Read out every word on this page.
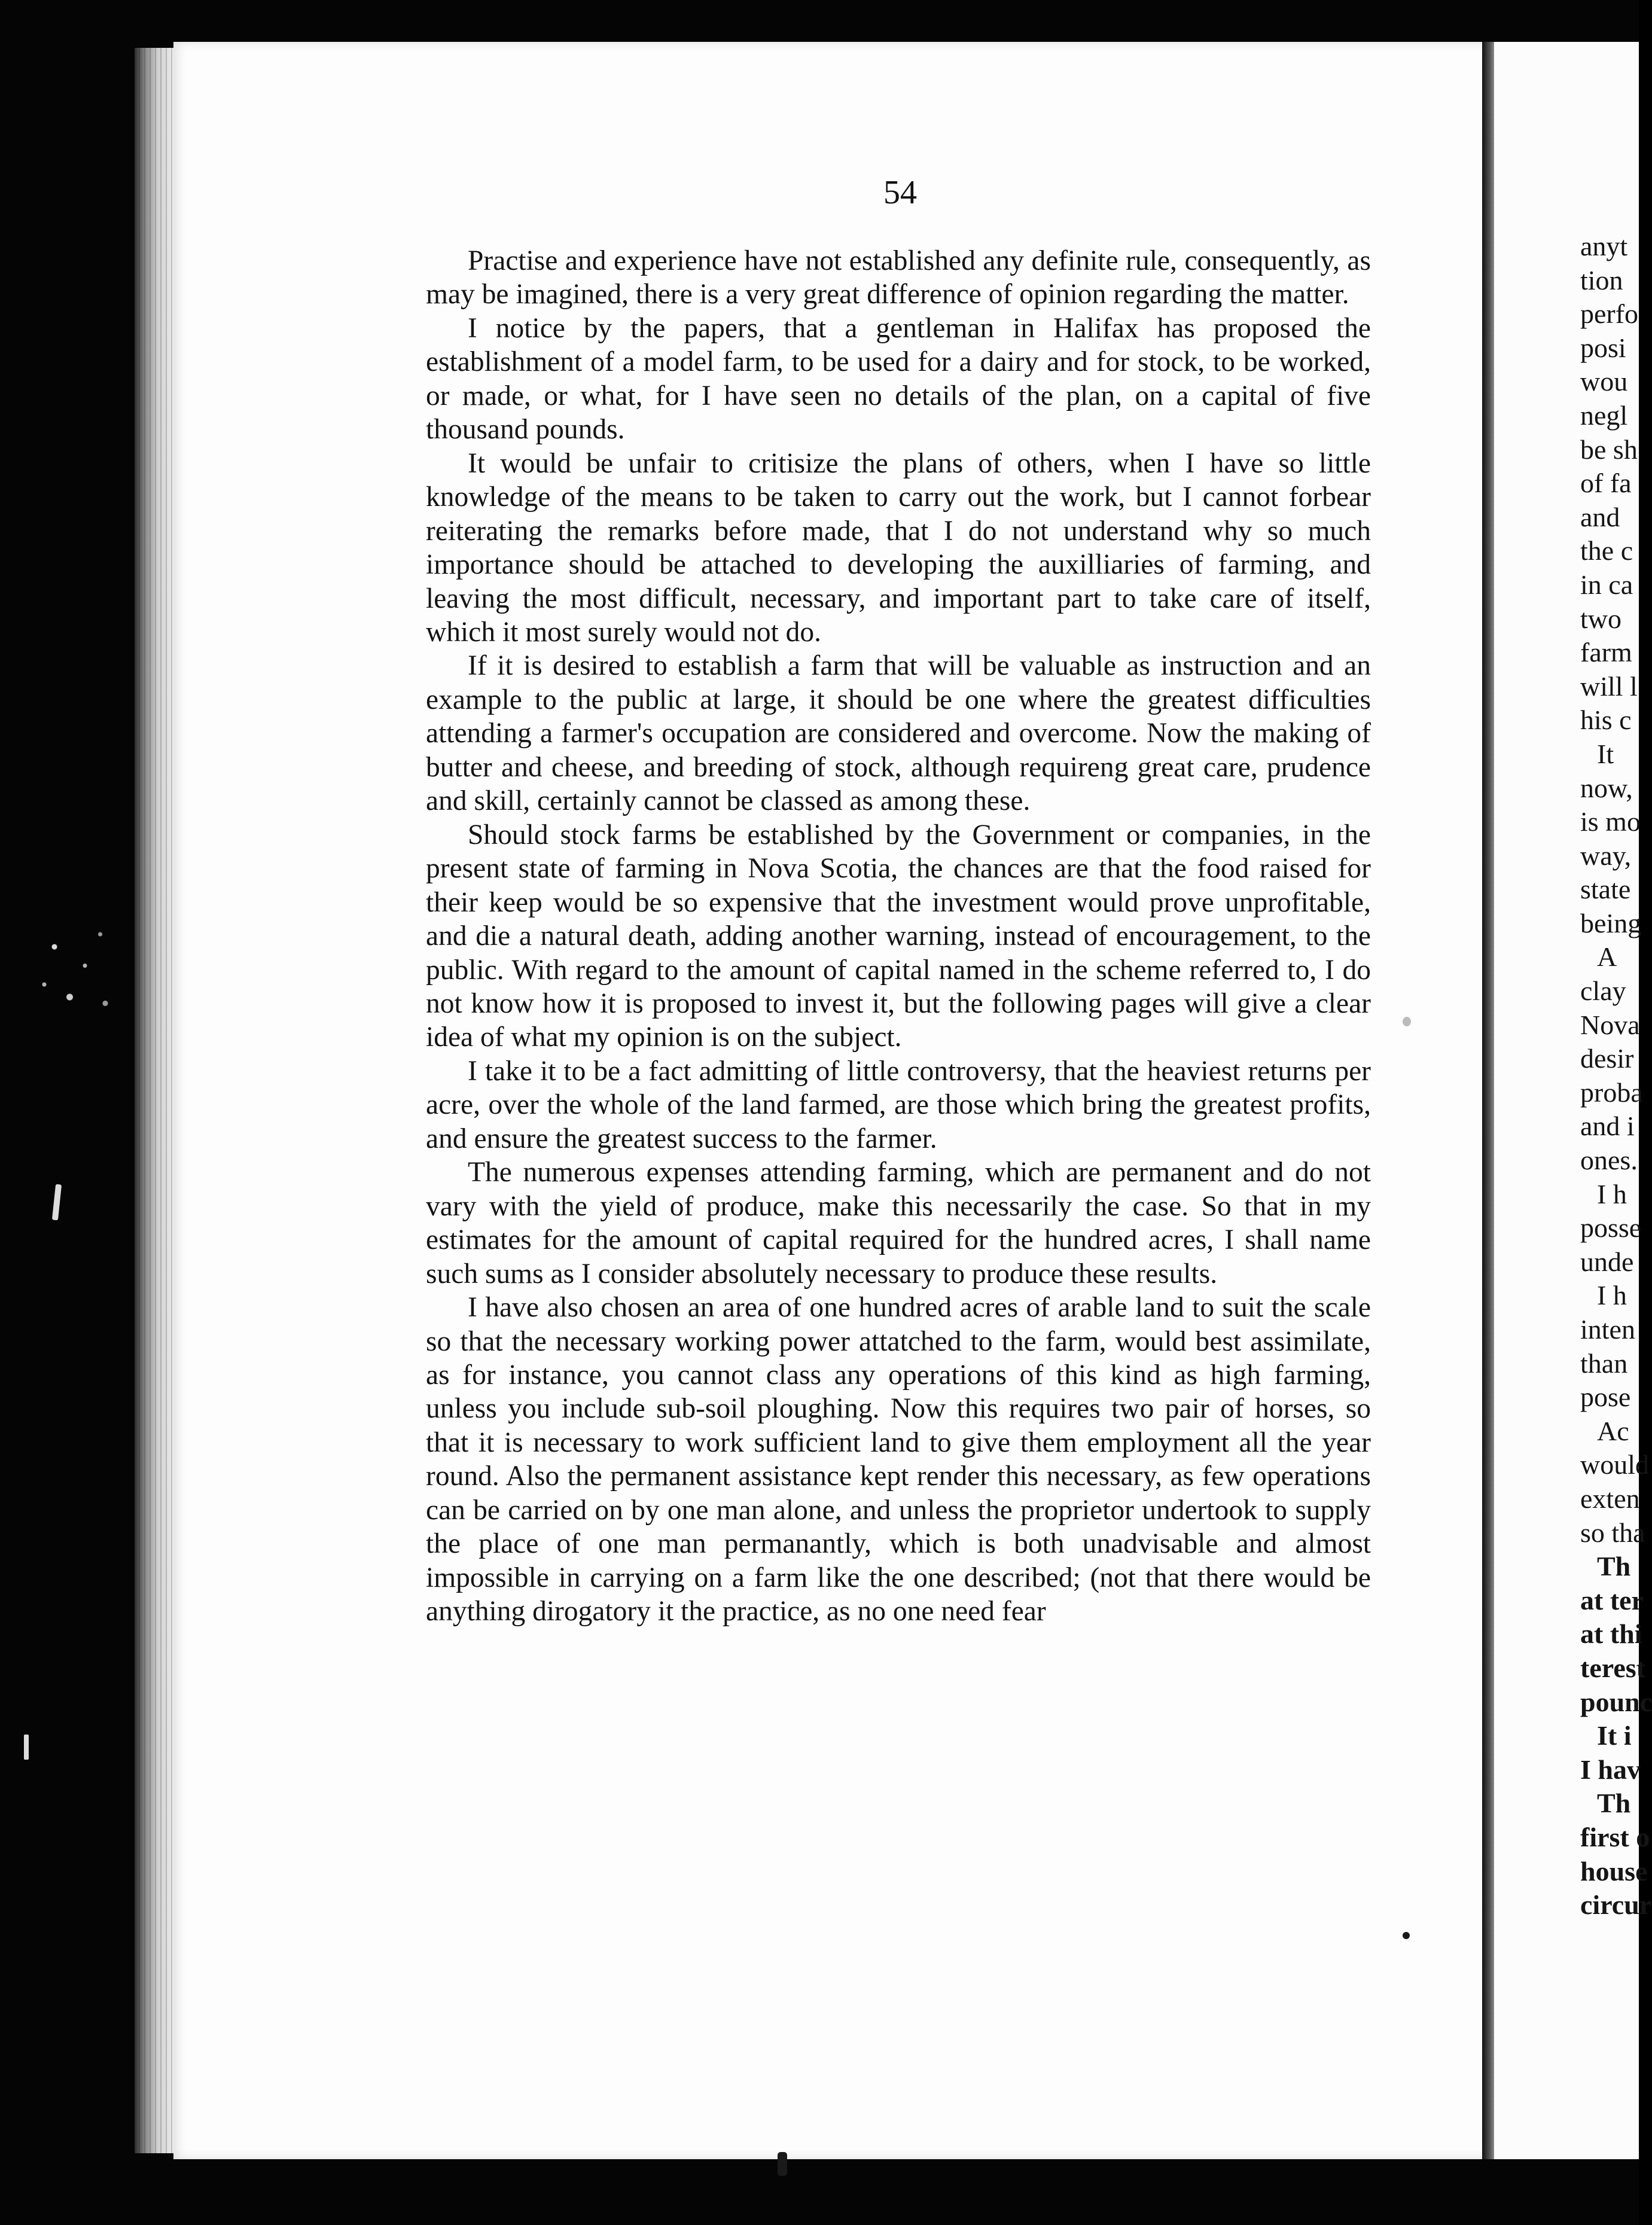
54

Practise and experience have not established any definite rule, consequently, as may be imagined, there is a very great difference of opinion regarding the matter.

I notice by the papers, that a gentleman in Halifax has proposed the establishment of a model farm, to be used for a dairy and for stock, to be worked, or made, or what, for I have seen no details of the plan, on a capital of five thousand pounds.

It would be unfair to critisize the plans of others, when I have so little knowledge of the means to be taken to carry out the work, but I cannot forbear reiterating the remarks before made, that I do not understand why so much importance should be attached to developing the auxilliaries of farming, and leaving the most difficult, necessary, and important part to take care of itself, which it most surely would not do.

If it is desired to establish a farm that will be valuable as instruction and an example to the public at large, it should be one where the greatest difficulties attending a farmer's occupation are considered and overcome. Now the making of butter and cheese, and breeding of stock, although requireng great care, prudence and skill, certainly cannot be classed as among these.

Should stock farms be established by the Government or companies, in the present state of farming in Nova Scotia, the chances are that the food raised for their keep would be so expensive that the investment would prove unprofitable, and die a natural death, adding another warning, instead of encouragement, to the public. With regard to the amount of capital named in the scheme referred to, I do not know how it is proposed to invest it, but the following pages will give a clear idea of what my opinion is on the subject.

I take it to be a fact admitting of little controversy, that the heaviest returns per acre, over the whole of the land farmed, are those which bring the greatest profits, and ensure the greatest success to the farmer.

The numerous expenses attending farming, which are permanent and do not vary with the yield of produce, make this necessarily the case. So that in my estimates for the amount of capital required for the hundred acres, I shall name such sums as I consider absolutely necessary to produce these results.

I have also chosen an area of one hundred acres of arable land to suit the scale so that the necessary working power attatched to the farm, would best assimilate, as for instance, you cannot class any operations of this kind as high farming, unless you include sub-soil ploughing. Now this requires two pair of horses, so that it is necessary to work sufficient land to give them employment all the year round. Also the permanent assistance kept render this necessary, as few operations can be carried on by one man alone, and unless the proprietor undertook to supply the place of one man permanantly, which is both unadvisable and almost impossible in carrying on a farm like the one described; (not that there would be anything dirogatory it the practice, as no one need fear

anyt
tion
perfo
posi
wou
negl
be sh
of fa
and
the c
in ca
two
farm
will l
his c
It
now,
is mo
way,
state
being
A
clay
Nova
desir
proba
and i
ones.
I h
posse
unde
I h
inten
than
pose
Ac
would
exten
so tha
Th
at ter
at thi
terest
pounc
It i
I hav
Th
first o
house
circur
